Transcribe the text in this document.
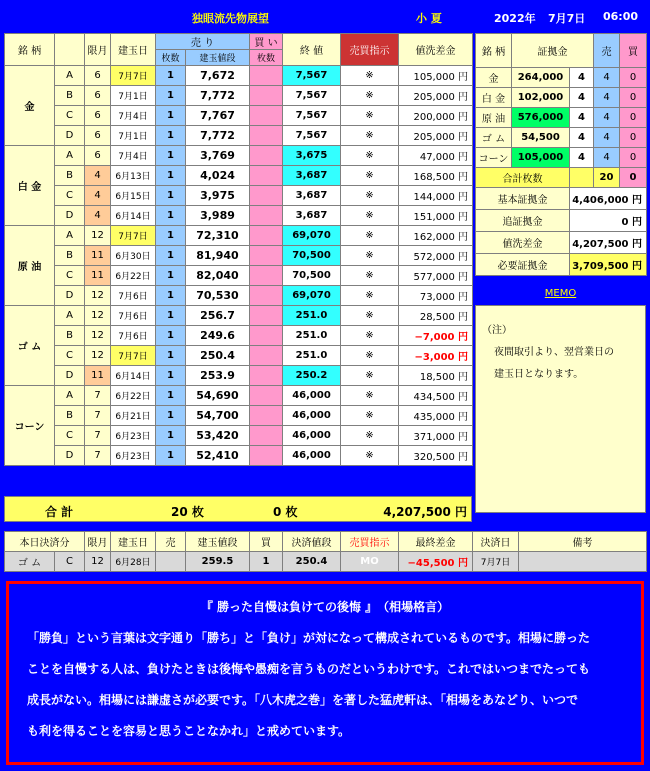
独眼流先物展望	小 夏	2022年 7月7日 06:00
銘 柄		限月	建玉日	売 り		買 い	終 値	売買指示	値洗差金
				枚数	建玉値段	枚数			
金	A	6	7月7日	1	7,672		7,567	※	105,000 円
	B	6	7月1日	1	7,772		7,567	※	205,000 円
	C	6	7月4日	1	7,767		7,567	※	200,000 円
	D	6	7月1日	1	7,772		7,567	※	205,000 円
白 金	A	6	7月4日	1	3,769		3,675	※	47,000 円
	B	4	6月13日	1	4,024		3,687	※	168,500 円
	C	4	6月15日	1	3,975		3,687	※	144,000 円
	D	4	6月14日	1	3,989		3,687	※	151,000 円
原 油	A	12	7月7日	1	72,310		69,070	※	162,000 円
	B	11	6月30日	1	81,940		70,500	※	572,000 円
	C	11	6月22日	1	82,040		70,500	※	577,000 円
	D	12	7月6日	1	70,530		69,070	※	73,000 円
ゴ ム	A	12	7月6日	1	256.7		251.0	※	28,500 円
	B	12	7月6日	1	249.6		251.0	※	−7,000 円
	C	12	7月7日	1	250.4		251.0	※	−3,000 円
	D	11	6月14日	1	253.9		250.2	※	18,500 円
コーン	A	7	6月22日	1	54,690		46,000	※	434,500 円
	B	7	6月21日	1	54,700		46,000	※	435,000 円
	C	7	6月23日	1	53,420		46,000	※	371,000 円
	D	7	6月23日	1	52,410		46,000	※	320,500 円
合 計	20 枚	0 枚	4,207,500 円
銘 柄	証拠金		売	買
金	264,000	4	4	0
白 金	102,000	4	4	0
原 油	576,000	4	4	0
ゴ ム	54,500	4	4	0
コーン	105,000	4	4	0
合計枚数			20	0
基本証拠金		4,406,000 円		
追証拠金		0 円		
値洗差金		4,207,500 円		
必要証拠金		3,709,500 円		
MEMO
（注）
夜間取引より、翌営業日の
建玉日となります。
本日決済分		限月	建玉日	売	建玉値段	買	決済値段	売買指示	最終差金	決済日	備考
ゴ ム	C	12	6月28日		259.5	1	250.4	MO	−45,500 円	7月7日	
『 勝った自慢は負けての後悔 』　（相場格言）
「勝負」という言葉は文字通り「勝ち」と「負け」が対になって構成されているものです。相場に勝った
ことを自慢する人は、負けたときは後悔や愚痴を言うものだというわけです。これではいつまでたっても
成長がない。相場には謙虚さが必要です。「八木虎之巻」を著した猛虎軒は、「相場をあなどり、いつで
も利を得ることを容易と思うことなかれ」と戒めています。
